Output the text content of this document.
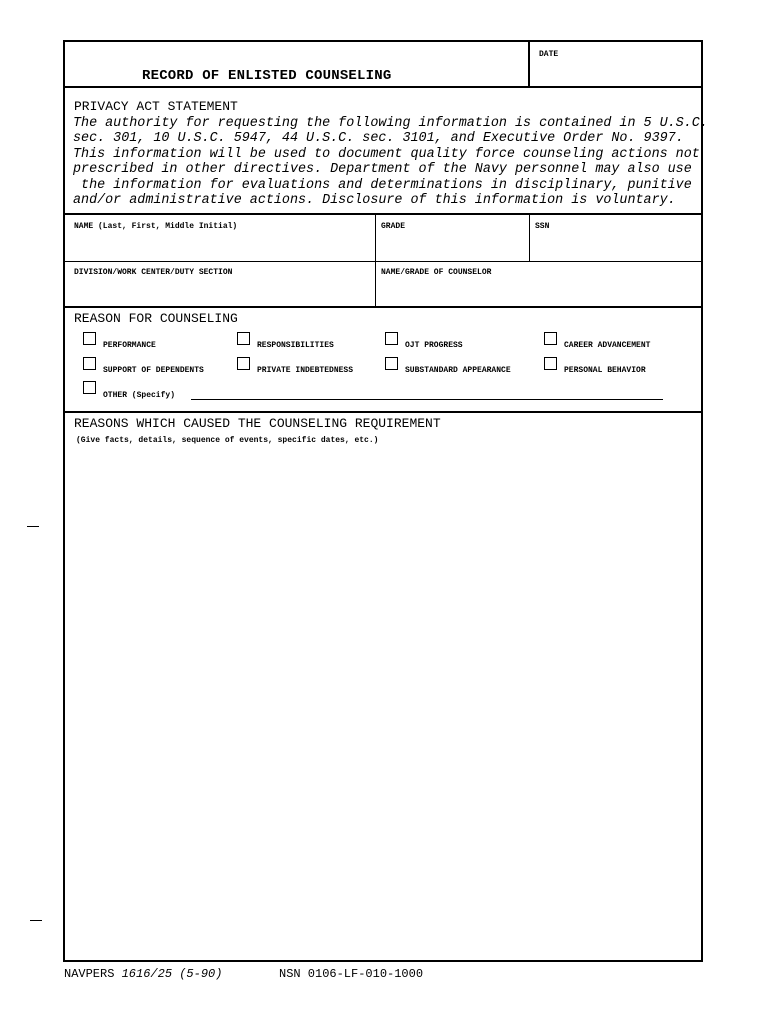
DATE
RECORD OF ENLISTED COUNSELING
PRIVACY ACT STATEMENT
The authority for requesting the following information is contained in 5 U.S.C.
sec. 301, 10 U.S.C. 5947, 44 U.S.C. sec. 3101, and Executive Order No. 9397.
This information will be used to document quality force counseling actions not
prescribed in other directives. Department of the Navy personnel may also use
the information for evaluations and determinations in disciplinary, punitive
and/or administrative actions. Disclosure of this information is voluntary.
NAME (Last, First, Middle Initial)	GRADE	SSN
DIVISION/WORK CENTER/DUTY SECTION	NAME/GRADE OF COUNSELOR
REASON FOR COUNSELING
PERFORMANCE	RESPONSIBILITIES	OJT PROGRESS	CAREER ADVANCEMENT
SUPPORT OF DEPENDENTS	PRIVATE INDEBTEDNESS	SUBSTANDARD APPEARANCE	PERSONAL BEHAVIOR
OTHER (Specify)
REASONS WHICH CAUSED THE COUNSELING REQUIREMENT
(Give facts, details, sequence of events, specific dates, etc.)
NAVPERS 1616/25 (5-90)	NSN 0106-LF-010-1000
